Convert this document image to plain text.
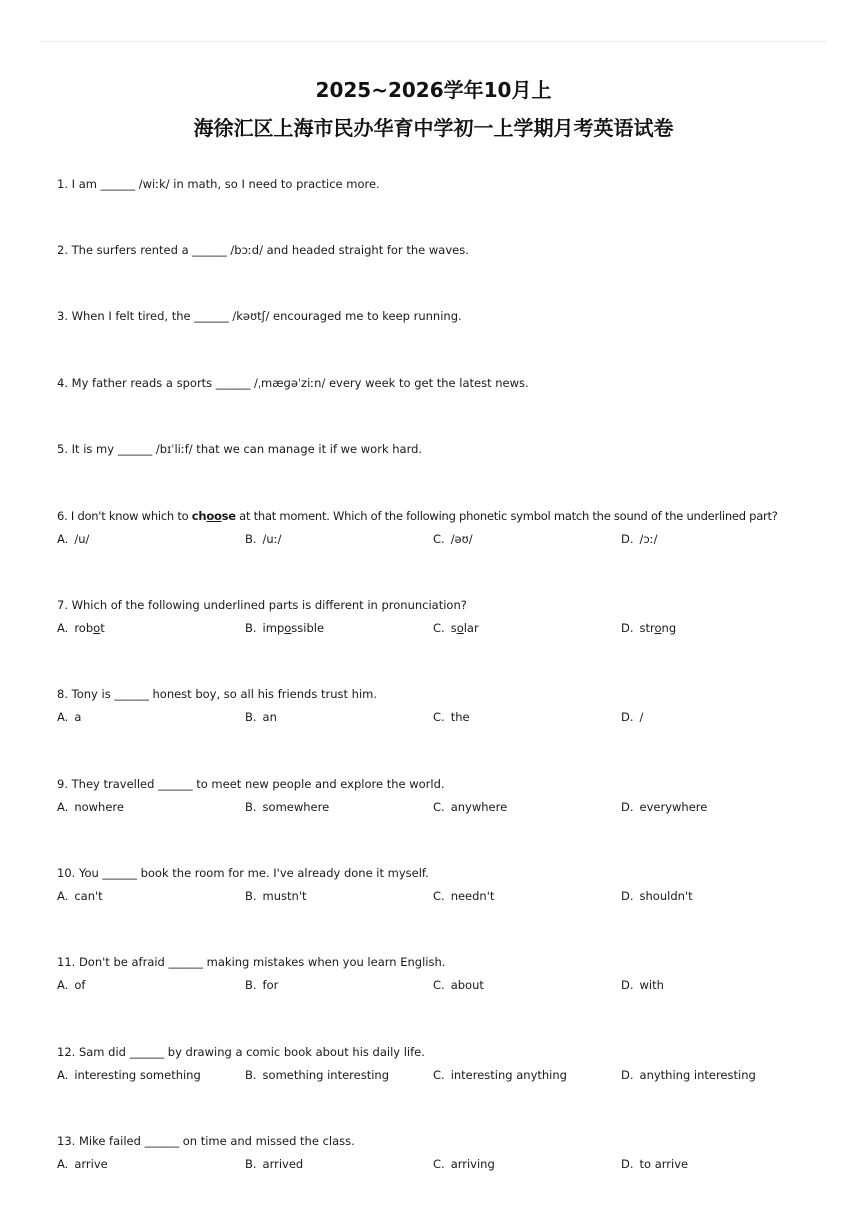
2025~2026学年10月上
海徐汇区上海市民办华育中学初一上学期月考英语试卷
1. I am ______ /wiːk/ in math, so I need to practice more.
2. The surfers rented a ______ /bɔːd/ and headed straight for the waves.
3. When I felt tired, the ______ /kəʊtʃ/ encouraged me to keep running.
4. My father reads a sports ______ /ˌmæɡəˈziːn/ every week to get the latest news.
5. It is my ______ /bɪˈliːf/ that we can manage it if we work hard.
6. I don't know which to choose at that moment. Which of the following phonetic symbol match the sound of the underlined part?
A. /u/	B. /uː/	C. /əʊ/	D. /ɔː/
7. Which of the following underlined parts is different in pronunciation?
A. robot	B. impossible	C. solar	D. strong
8. Tony is ______ honest boy, so all his friends trust him.
A. a	B. an	C. the	D. /
9. They travelled ______ to meet new people and explore the world.
A. nowhere	B. somewhere	C. anywhere	D. everywhere
10. You ______ book the room for me. I've already done it myself.
A. can't	B. mustn't	C. needn't	D. shouldn't
11. Don't be afraid ______ making mistakes when you learn English.
A. of	B. for	C. about	D. with
12. Sam did ______ by drawing a comic book about his daily life.
A. interesting something	B. something interesting	C. interesting anything	D. anything interesting
13. Mike failed ______ on time and missed the class.
A. arrive	B. arrived	C. arriving	D. to arrive
